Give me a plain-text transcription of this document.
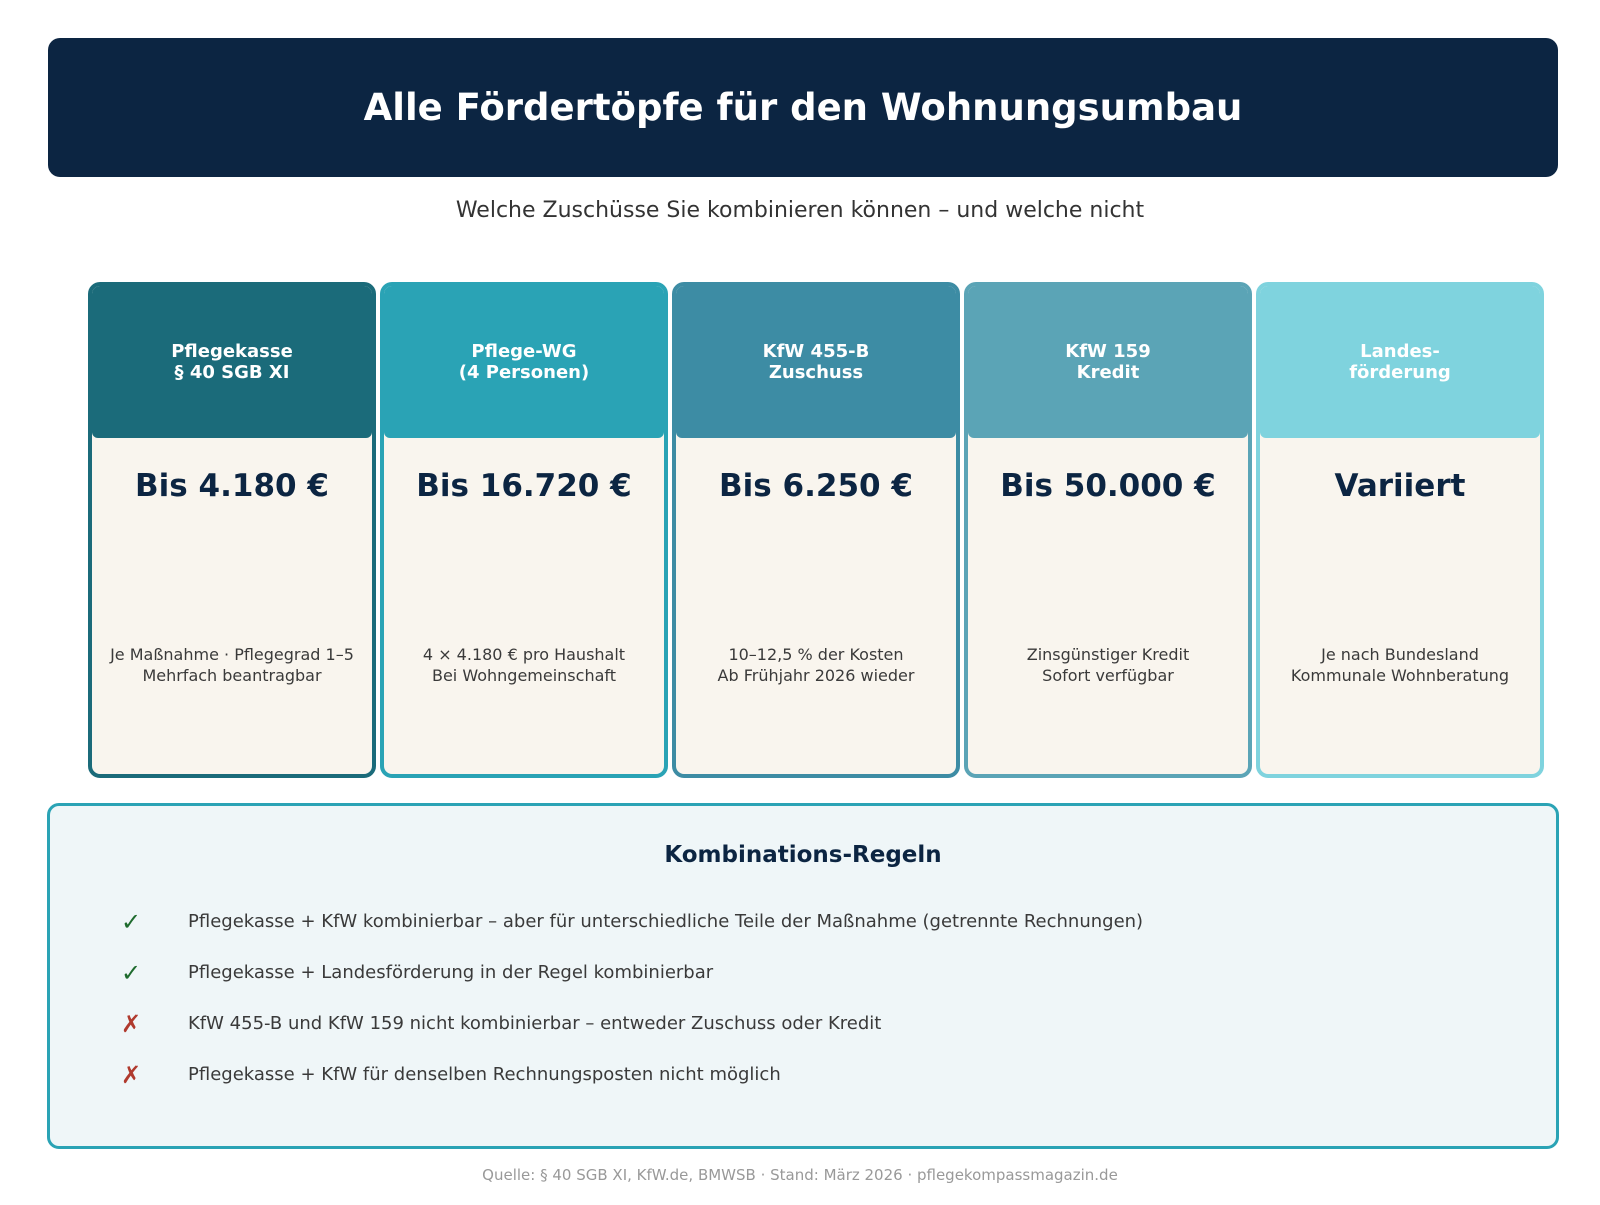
Alle Fördertöpfe für den Wohnungsumbau
Welche Zuschüsse Sie kombinieren können – und welche nicht
Pflegekasse
§ 40 SGB XI
Bis 4.180 €
Je Maßnahme · Pflegegrad 1–5
Mehrfach beantragbar
Pflege-WG
(4 Personen)
Bis 16.720 €
4 × 4.180 € pro Haushalt
Bei Wohngemeinschaft
KfW 455-B
Zuschuss
Bis 6.250 €
10–12,5 % der Kosten
Ab Frühjahr 2026 wieder
KfW 159
Kredit
Bis 50.000 €
Zinsgünstiger Kredit
Sofort verfügbar
Landes-
förderung
Variiert
Je nach Bundesland
Kommunale Wohnberatung
Kombinations-Regeln
✓	Pflegekasse + KfW kombinierbar – aber für unterschiedliche Teile der Maßnahme (getrennte Rechnungen)
✓	Pflegekasse + Landesförderung in der Regel kombinierbar
✗	KfW 455-B und KfW 159 nicht kombinierbar – entweder Zuschuss oder Kredit
✗	Pflegekasse + KfW für denselben Rechnungsposten nicht möglich
Quelle: § 40 SGB XI, KfW.de, BMWSB · Stand: März 2026 · pflegekompassmagazin.de
